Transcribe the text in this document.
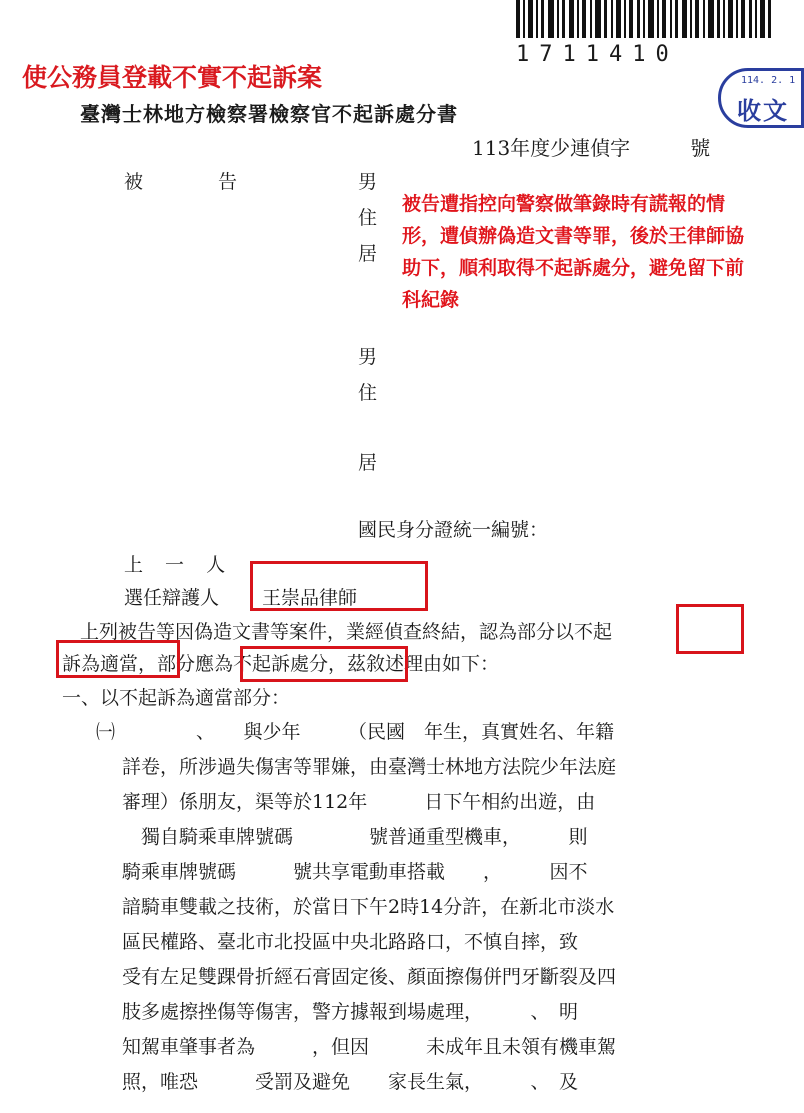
1711410
114. 2. 1
收文
使公務員登載不實不起訴案
臺灣士林地方檢察署檢察官不起訴處分書
113年度少連偵字	號
被	告	男
住
居
被告遭指控向警察做筆錄時有謊報的情形，遭偵辦偽造文書等罪，後於王律師協助下，順利取得不起訴處分，避免留下前科紀錄
男
住
居
國民身分證統一編號：
上 一 人
選任辯護人 王崇品律師
上列被告等因偽造文書等案件，業經偵查終結，認為部分以不起
訴為適當，部分應為不起訴處分，茲敘述理由如下：
一、以不起訴為適當部分：
㈠ 　　、　　與少年　　　（民國　年生，真實姓名、年籍
詳卷，所涉過失傷害等罪嫌，由臺灣士林地方法院少年法庭
審理）係朋友，渠等於112年　　　日下午相約出遊，由
　獨自騎乘車牌號碼　　　　號普通重型機車，　　　則
騎乘車牌號碼　　　號共享電動車搭載　　，　　　因不
諳騎車雙載之技術，於當日下午2時14分許，在新北市淡水
區民權路、臺北市北投區中央北路路口，不慎自摔，致
受有左足雙踝骨折經石膏固定後、顏面擦傷併門牙斷裂及四
肢多處擦挫傷等傷害，警方據報到場處理，　　　、　明
知駕車肇事者為　　　，但因　　　未成年且未領有機車駕
照，唯恐　　　受罰及避免　　家長生氣，　　　、　及
